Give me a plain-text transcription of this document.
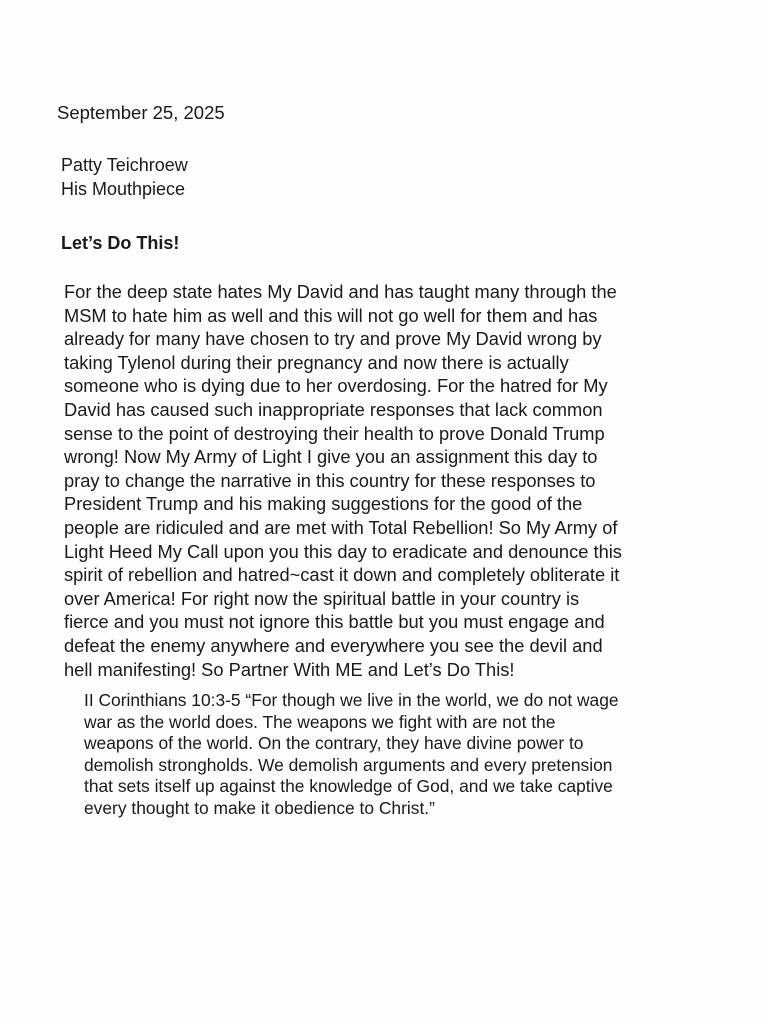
September 25, 2025

Patty Teichroew
His Mouthpiece

Let’s Do This!

For the deep state hates My David and has taught many through the
MSM to hate him as well and this will not go well for them and has
already for many have chosen to try and prove My David wrong by
taking Tylenol during their pregnancy and now there is actually
someone who is dying due to her overdosing. For the hatred for My
David has caused such inappropriate responses that lack common
sense to the point of destroying their health to prove Donald Trump
wrong! Now My Army of Light I give you an assignment this day to
pray to change the narrative in this country for these responses to
President Trump and his making suggestions for the good of the
people are ridiculed and are met with Total Rebellion! So My Army of
Light Heed My Call upon you this day to eradicate and denounce this
spirit of rebellion and hatred~cast it down and completely obliterate it
over America! For right now the spiritual battle in your country is
fierce and you must not ignore this battle but you must engage and
defeat the enemy anywhere and everywhere you see the devil and
hell manifesting! So Partner With ME and Let’s Do This!

II Corinthians 10:3-5 “For though we live in the world, we do not wage
war as the world does. The weapons we fight with are not the
weapons of the world. On the contrary, they have divine power to
demolish strongholds. We demolish arguments and every pretension
that sets itself up against the knowledge of God, and we take captive
every thought to make it obedience to Christ.”
